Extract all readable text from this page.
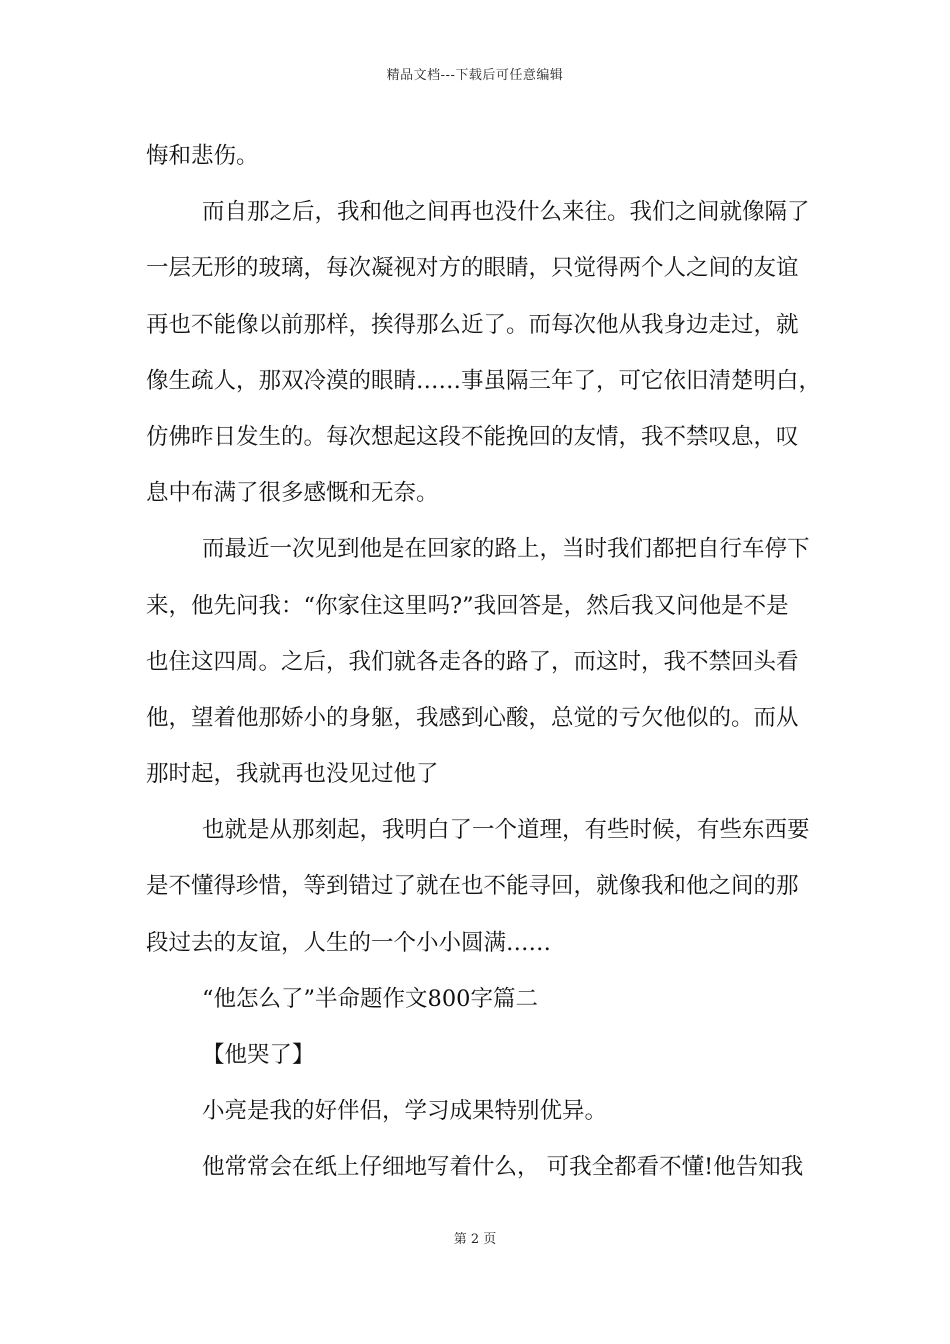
精品文档---下载后可任意编辑
悔和悲伤。
而自那之后，我和他之间再也没什么来往。我们之间就像隔了
一层无形的玻璃，每次凝视对方的眼睛，只觉得两个人之间的友谊
再也不能像以前那样，挨得那么近了。而每次他从我身边走过，就
像生疏人，那双冷漠的眼睛……事虽隔三年了，可它依旧清楚明白，
仿佛昨日发生的。每次想起这段不能挽回的友情，我不禁叹息，叹
息中布满了很多感慨和无奈。
而最近一次见到他是在回家的路上，当时我们都把自行车停下
来，他先问我：“你家住这里吗?”我回答是，然后我又问他是不是
也住这四周。之后，我们就各走各的路了，而这时，我不禁回头看
他，望着他那娇小的身躯，我感到心酸，总觉的亏欠他似的。而从
那时起，我就再也没见过他了
也就是从那刻起，我明白了一个道理，有些时候，有些东西要
是不懂得珍惜，等到错过了就在也不能寻回，就像我和他之间的那
段过去的友谊，人生的一个小小圆满……
“他怎么了”半命题作文800字篇二
【他哭了】
小亮是我的好伴侣，学习成果特别优异。
他常常会在纸上仔细地写着什么， 可我全都看不懂!他告知我
第 2 页
